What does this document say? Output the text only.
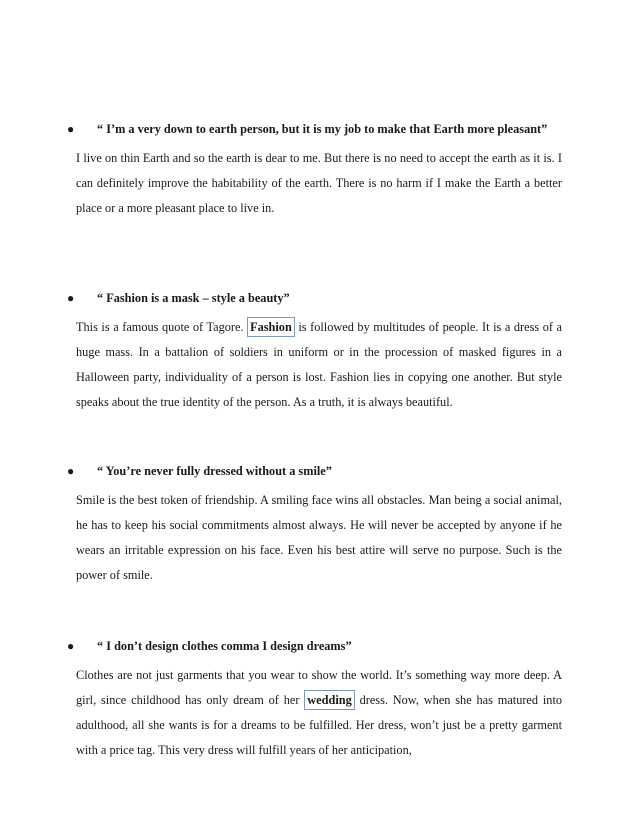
● “ I’m a very down to earth person, but it is my job to make that Earth more pleasant”
I live on thin Earth and so the earth is dear to me. But there is no need to accept the earth as it is. I can definitely improve the habitability of the earth. There is no harm if I make the Earth a better place or a more pleasant place to live in.
● “ Fashion is a mask – style a beauty”
This is a famous quote of Tagore. Fashion is followed by multitudes of people. It is a dress of a huge mass. In a battalion of soldiers in uniform or in the procession of masked figures in a Halloween party, individuality of a person is lost. Fashion lies in copying one another. But style speaks about the true identity of the person. As a truth, it is always beautiful.
● “ You’re never fully dressed without a smile”
Smile is the best token of friendship. A smiling face wins all obstacles. Man being a social animal, he has to keep his social commitments almost always. He will never be accepted by anyone if he wears an irritable expression on his face. Even his best attire will serve no purpose. Such is the power of smile.
● “ I don’t design clothes comma I design dreams”
Clothes are not just garments that you wear to show the world. It’s something way more deep. A girl, since childhood has only dream of her wedding dress. Now, when she has matured into adulthood, all she wants is for a dreams to be fulfilled. Her dress, won’t just be a pretty garment with a price tag. This very dress will fulfill years of her anticipation,
